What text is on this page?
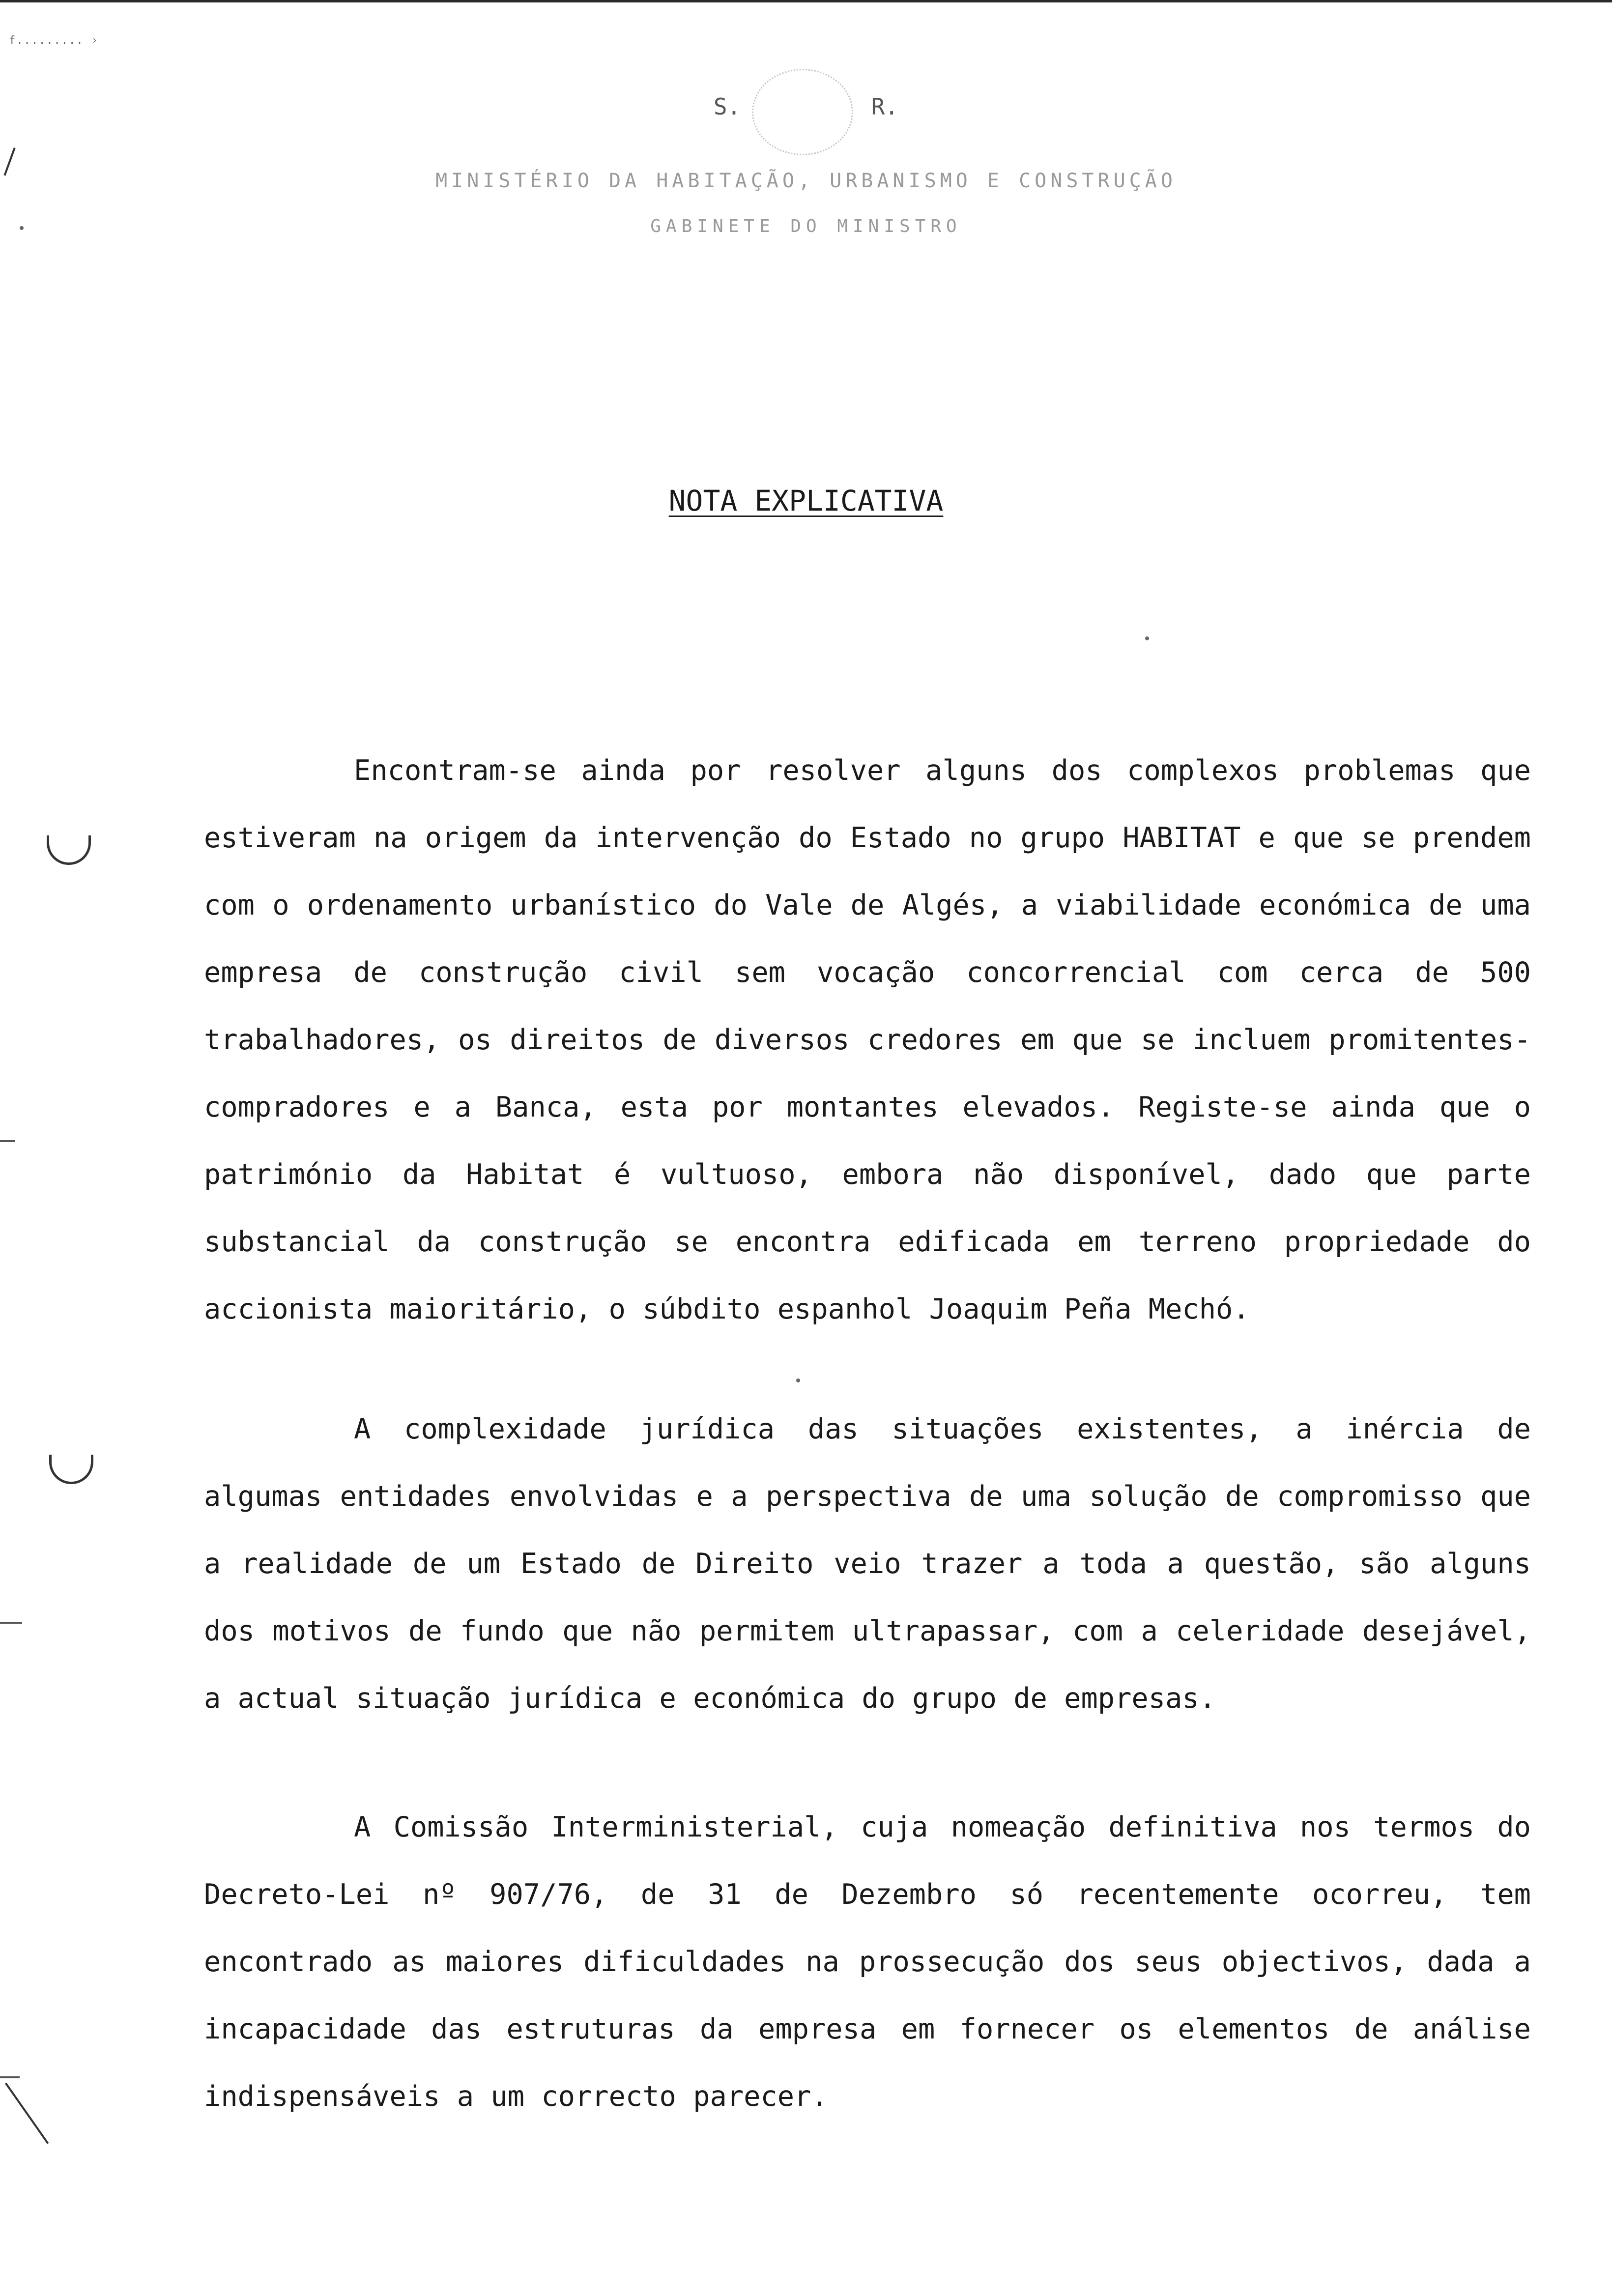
f......... ›
S.	R.
MINISTÉRIO DA HABITAÇÃO, URBANISMO E CONSTRUÇÃO
GABINETE DO MINISTRO
NOTA EXPLICATIVA

Encontram-se ainda por resolver alguns dos complexos problemas que estiveram na origem da intervenção do Estado no grupo HABITAT e que se prendem com o ordenamento urbanístico do Vale de Algés, a viabilidade económica de uma empresa de construção civil sem vocação concorrencial com cerca de 500 trabalhadores, os direitos de diversos credores em que se incluem promitentes-compradores e a Banca, esta por montantes elevados. Registe-se ainda que o património da Habitat é vultuoso, embora não disponível, dado que parte substancial da construção se encontra edificada em terreno propriedade do accionista maioritário, o súbdito espanhol Joaquim Peña Mechó.

A complexidade jurídica das situações existentes, a inércia de algumas entidades envolvidas e a perspectiva de uma solução de compromisso que a realidade de um Estado de Direito veio trazer a toda a questão, são alguns dos motivos de fundo que não permitem ultrapassar, com a celeridade desejável, a actual situação jurídica e económica do grupo de empresas.

A Comissão Interministerial, cuja nomeação definitiva nos termos do Decreto-Lei nº 907/76, de 31 de Dezembro só recentemente ocorreu, tem encontrado as maiores dificuldades na prossecução dos seus objectivos, dada a incapacidade das estruturas da empresa em fornecer os elementos de análise indispensáveis a um correcto parecer.
